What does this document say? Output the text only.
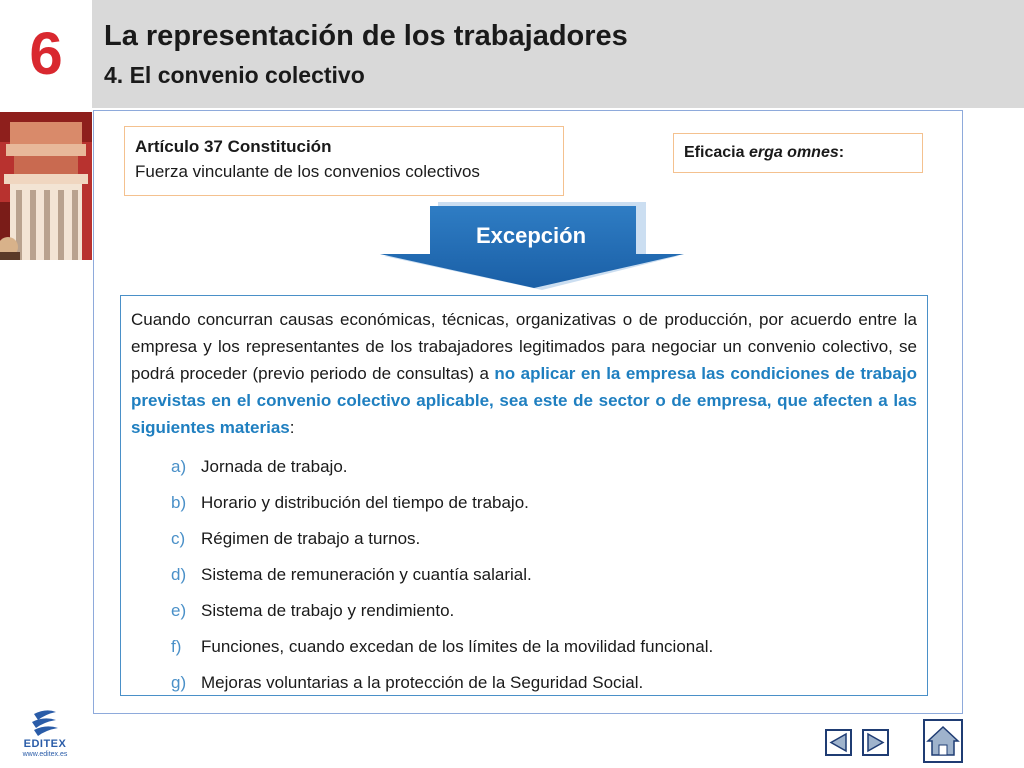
6	La representación de los trabajadores
4. El convenio colectivo
Artículo 37 Constitución
Fuerza vinculante de los convenios colectivos
Eficacia erga omnes:
Excepción

Cuando concurran causas económicas, técnicas, organizativas o de producción, por acuerdo entre la empresa y los representantes de los trabajadores legitimados para negociar un convenio colectivo, se podrá proceder (previo periodo de consultas) a no aplicar en la empresa las condiciones de trabajo previstas en el convenio colectivo aplicable, sea este de sector o de empresa, que afecten a las siguientes materias:

a) Jornada de trabajo.
b) Horario y distribución del tiempo de trabajo.
c) Régimen de trabajo a turnos.
d) Sistema de remuneración y cuantía salarial.
e) Sistema de trabajo y rendimiento.
f) Funciones, cuando excedan de los límites de la movilidad funcional.
g) Mejoras voluntarias a la protección de la Seguridad Social.
EDITEX
www.editex.es
